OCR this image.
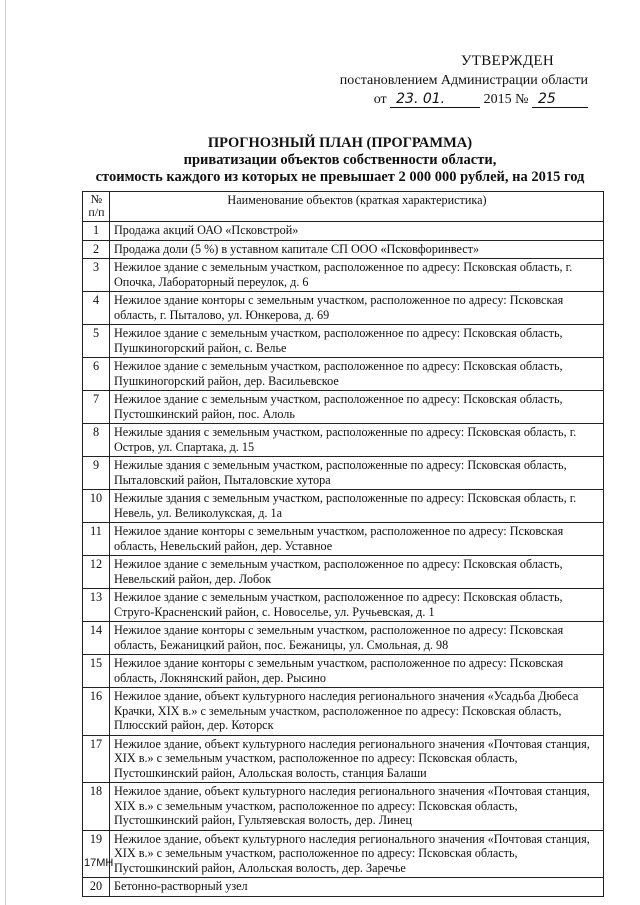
УТВЕРЖДЕН
постановлением Администрации области
от 23. 01.	2015 № 25
ПРОГНОЗНЫЙ ПЛАН (ПРОГРАММА)
приватизации объектов собственности области,
стоимость каждого из которых не превышает 2 000 000 рублей, на 2015 год
№
п/п	Наименование объектов (краткая характеристика)
1	Продажа акций ОАО «Псковстрой»
2	Продажа доли (5 %) в уставном капитале СП ООО «Псковфоринвест»
3	Нежилое здание с земельным участком, расположенное по адресу: Псковская область, г. Опочка, Лабораторный переулок, д. 6
4	Нежилое здание конторы с земельным участком, расположенное по адресу: Псковская область, г. Пыталово, ул. Юнкерова, д. 69
5	Нежилое здание с земельным участком, расположенное по адресу: Псковская область, Пушкиногорский район, с. Велье
6	Нежилое здание с земельным участком, расположенное по адресу: Псковская область, Пушкиногорский район, дер. Васильевское
7	Нежилое здание с земельным участком, расположенное по адресу: Псковская область, Пустошкинский район, пос. Алоль
8	Нежилые здания с земельным участком, расположенные по адресу: Псковская область, г. Остров, ул. Спартака, д. 15
9	Нежилые здания с земельным участком, расположенные по адресу: Псковская область, Пыталовский район, Пыталовские хутора
10	Нежилые здания с земельным участком, расположенные по адресу: Псковская область, г. Невель, ул. Великолукская, д. 1а
11	Нежилое здание конторы с земельным участком, расположенное по адресу: Псковская область, Невельский район, дер. Уставное
12	Нежилое здание с земельным участком, расположенное по адресу: Псковская область, Невельский район, дер. Лобок
13	Нежилое здание с земельным участком, расположенное по адресу: Псковская область, Струго-Красненский район, с. Новоселье, ул. Ручьевская, д. 1
14	Нежилое здание конторы с земельным участком, расположенное по адресу: Псковская область, Бежаницкий район, пос. Бежаницы, ул. Смольная, д. 98
15	Нежилое здание конторы с земельным участком, расположенное по адресу: Псковская область, Локнянский район, дер. Рысино
16	Нежилое здание, объект культурного наследия регионального значения «Усадьба Дюбеса Крачки, XIX в.» с земельным участком, расположенное по адресу: Псковская область, Плюсский район, дер. Которск
17	Нежилое здание, объект культурного наследия регионального значения «Почтовая станция, XIX в.» с земельным участком, расположенное по адресу: Псковская область, Пустошкинский район, Алольская волость, станция Балаши
18	Нежилое здание, объект культурного наследия регионального значения «Почтовая станция, XIX в.» с земельным участком, расположенное по адресу: Псковская область, Пустошкинский район, Гультяевская волость, дер. Линец
19	Нежилое здание, объект культурного наследия регионального значения «Почтовая станция, XIX в.» с земельным участком, расположенное по адресу: Псковская область, Пустошкинский район, Алольская волость, дер. Заречье
20	Бетонно-растворный узел
17МН
